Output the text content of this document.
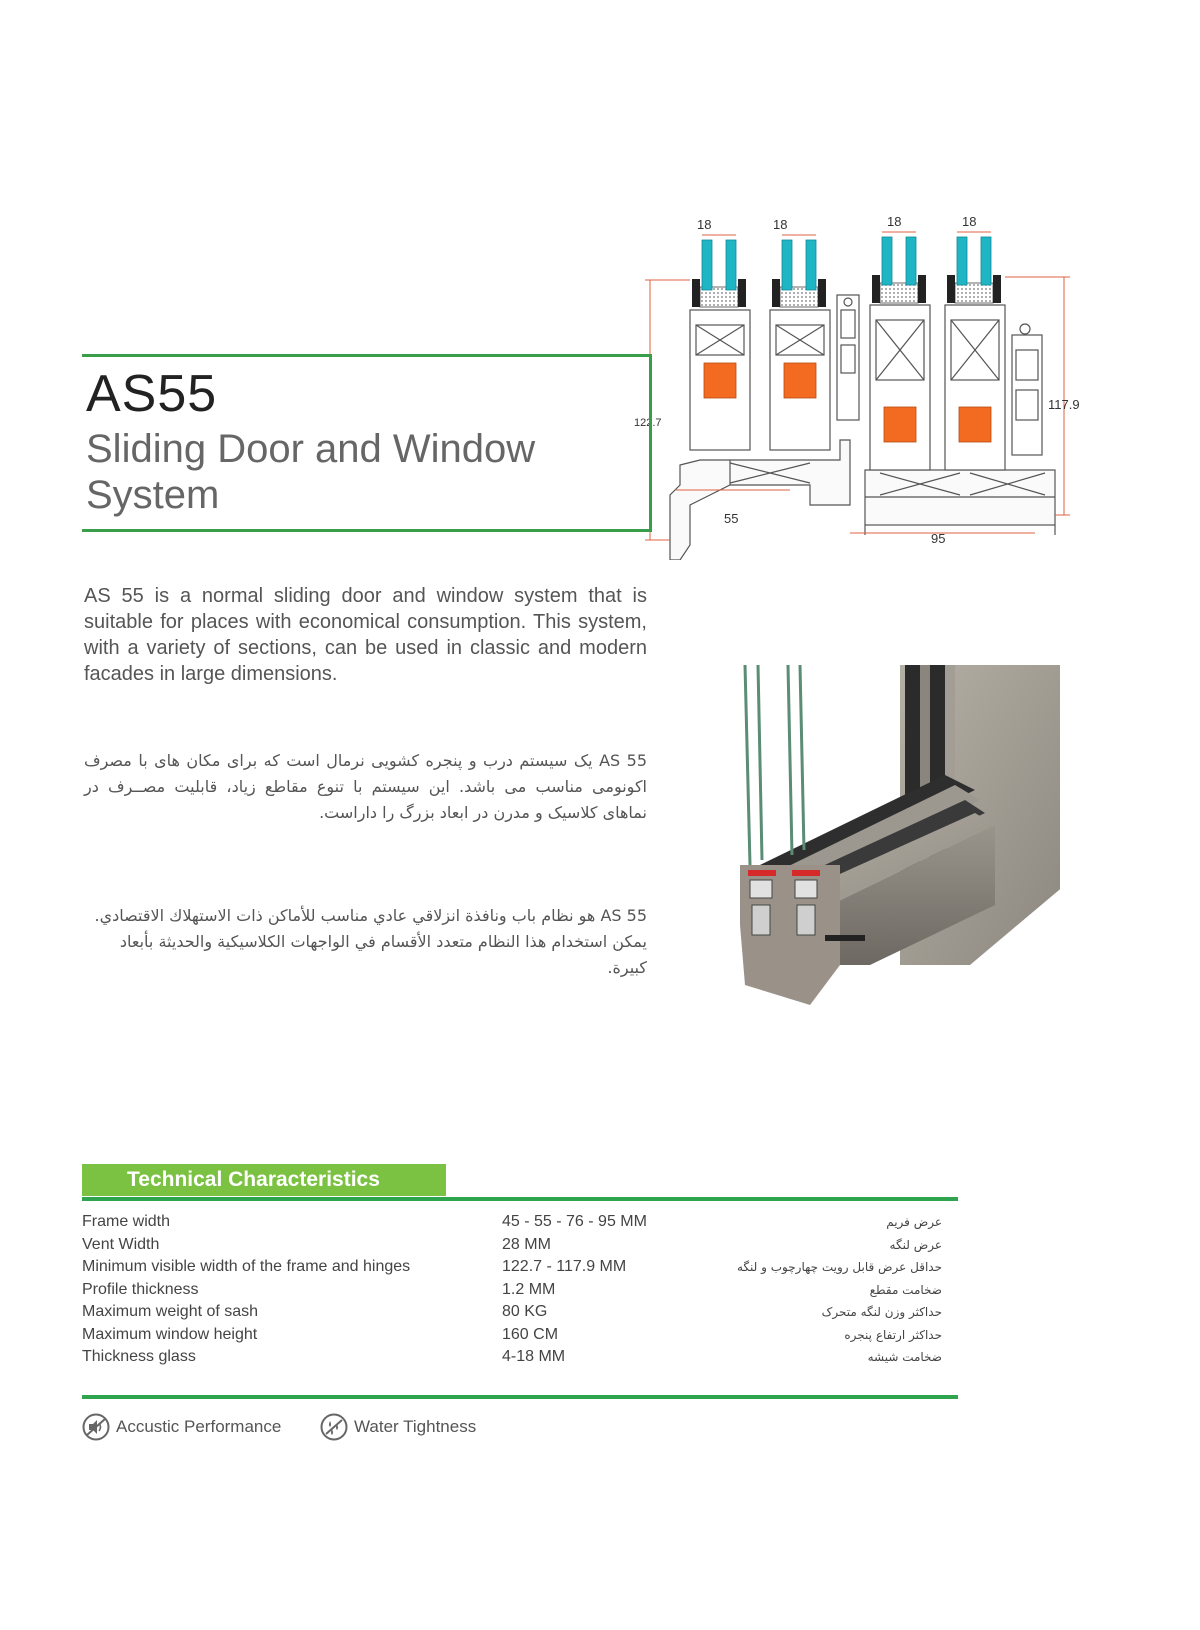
18	18	18	18
122.7
117.9
55
95
AS55
Sliding Door and Window System
AS 55 is a normal sliding door and window system that is suitable for places with economical consumption. This system, with a variety of sections, can be used in classic and modern facades in large dimensions.
AS 55 یک سیستم درب و پنجره کشویی نرمال است که برای مکان های با مصرف اکونومی مناسب می باشد. این سیستم با تنوع مقاطع زیاد، قابلیت مصــرف در نماهای کلاسیک و مدرن در ابعاد بزرگ را داراست.
AS 55 هو نظام باب ونافذة انزلاقي عادي مناسب للأماكن ذات الاستهلاك الاقتصادي. يمكن استخدام هذا النظام متعدد الأقسام في الواجهات الكلاسيكية والحديثة بأبعاد كبيرة.
Technical Characteristics
Frame width	45 - 55 - 76 - 95 MM	عرض فریم
Vent Width	28 MM	عرض لنگه
Minimum visible width of the frame and hinges	122.7 - 117.9 MM	حداقل عرض قابل رویت چهارچوب و لنگه
Profile thickness	1.2 MM	ضخامت مقطع
Maximum weight of sash	80 KG	حداکثر وزن لنگه متحرک
Maximum window height	160 CM	حداکثر ارتفاع پنجره
Thickness glass	4-18 MM	ضخامت شیشه
Accustic Performance	Water Tightness
